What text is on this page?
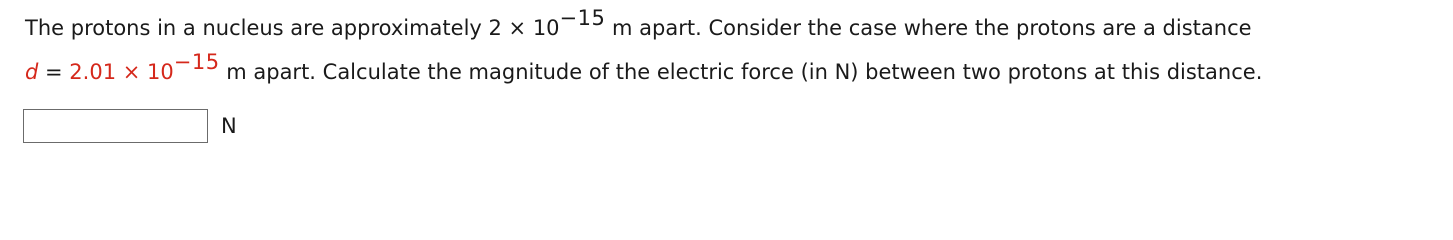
The protons in a nucleus are approximately 2 × 10−15 m apart. Consider the case where the protons are a distance
d = 2.01 × 10−15 m apart. Calculate the magnitude of the electric force (in N) between two protons at this distance.
N
